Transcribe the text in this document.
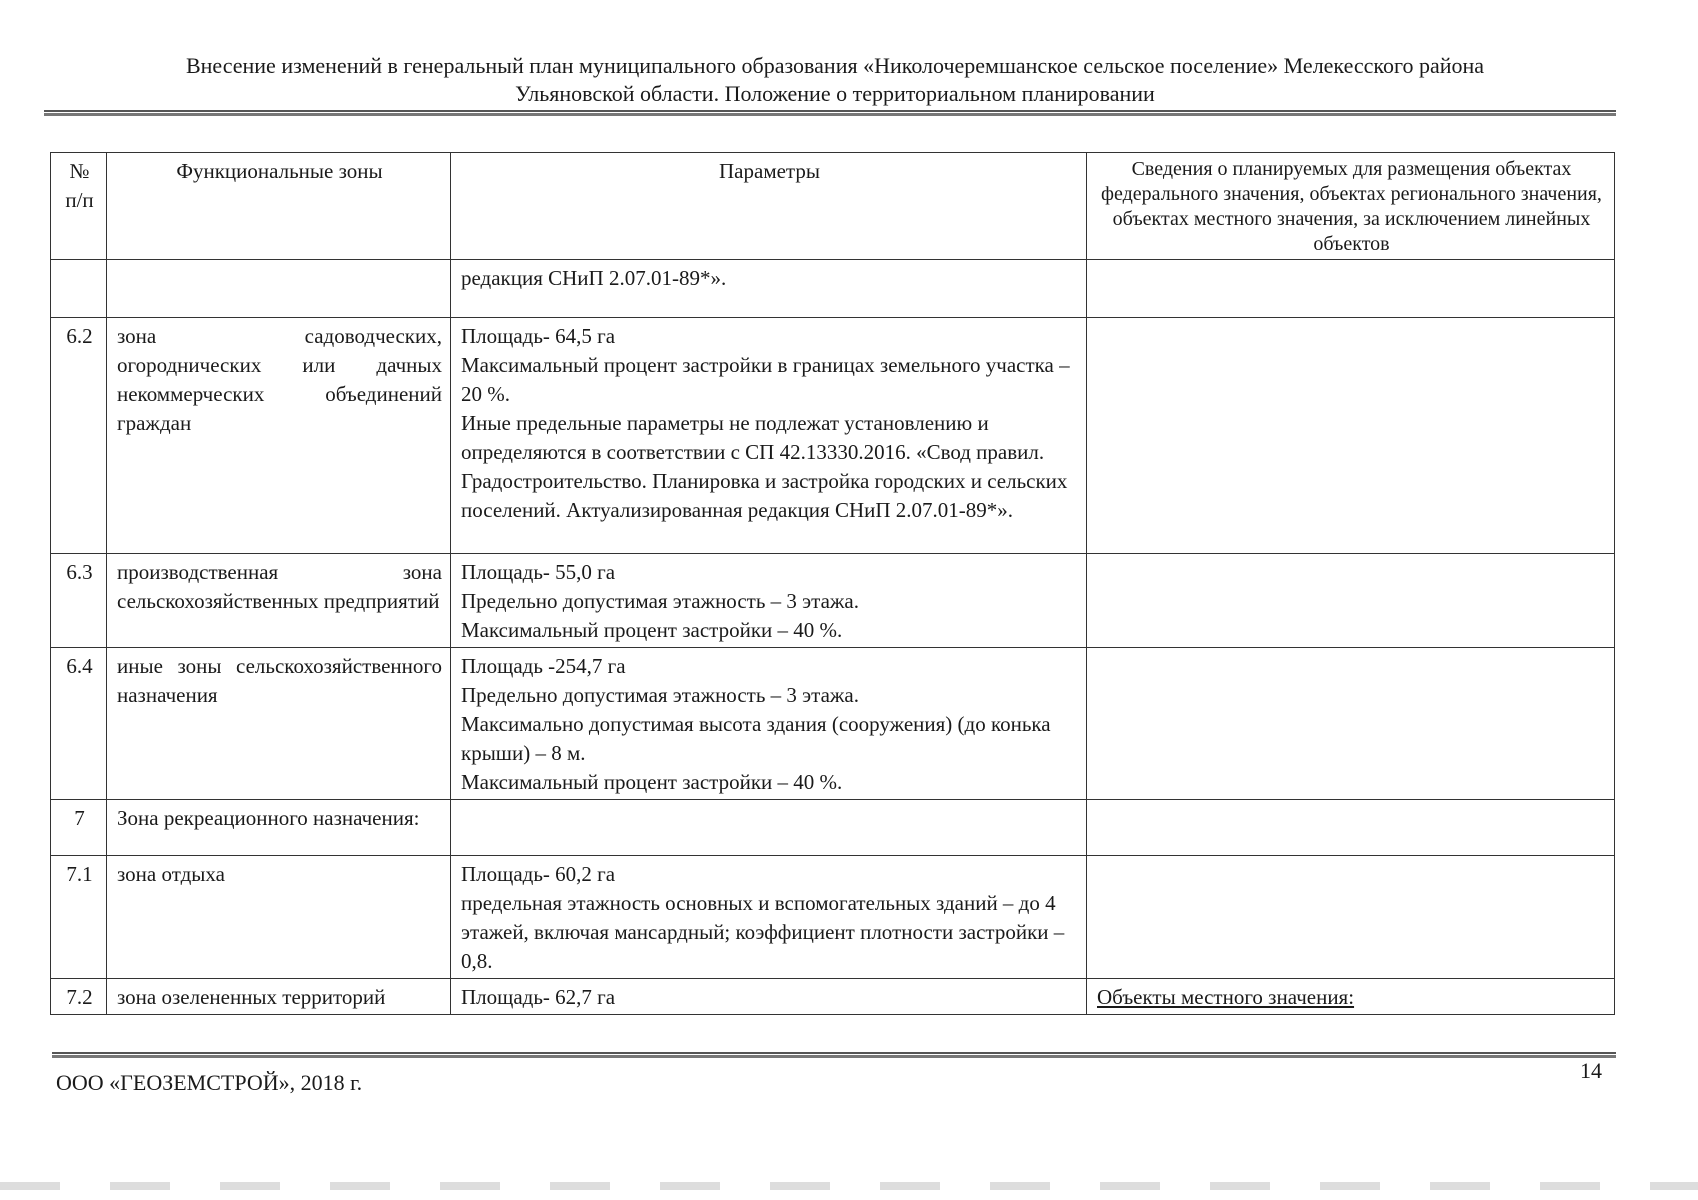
Внесение изменений в генеральный план муниципального образования «Николочеремшанское сельское поселение» Мелекесского района
Ульяновской области. Положение о территориальном планировании
№ п/п	Функциональные зоны	Параметры	Сведения о планируемых для размещения объектах федерального значения, объектах регионального значения, объектах местного значения, за исключением линейных объектов

		редакция СНиП 2.07.01-89*».	

6.2	зона садоводческих, огороднических или дачных некоммерческих объединений граждан	Площадь- 64,5 га

Максимальный процент застройки в границах земельного участка – 20 %.

Иные предельные параметры не подлежат установлению и определяются в соответствии с СП 42.13330.2016. «Свод правил. Градостроительство. Планировка и застройка городских и сельских поселений. Актуализированная редакция СНиП 2.07.01-89*».	

6.3	производственная зона сельскохозяйственных предприятий	Площадь- 55,0 га

Предельно допустимая этажность – 3 этажа.

Максимальный процент застройки – 40 %.	

6.4	иные зоны сельскохозяйственного назначения	Площадь -254,7 га

Предельно допустимая этажность – 3 этажа.

Максимально допустимая высота здания (сооружения) (до конька крыши) – 8 м.

Максимальный процент застройки – 40 %.	

7	Зона рекреационного назначения:		
7.1	зона отдыха	Площадь- 60,2 га

предельная этажность основных и вспомогательных зданий – до 4 этажей, включая мансардный; коэффициент плотности застройки – 0,8.	

7.2	зона озелененных территорий	Площадь- 62,7 га	Объекты местного значения:
ООО «ГЕОЗЕМСТРОЙ», 2018 г.	14
